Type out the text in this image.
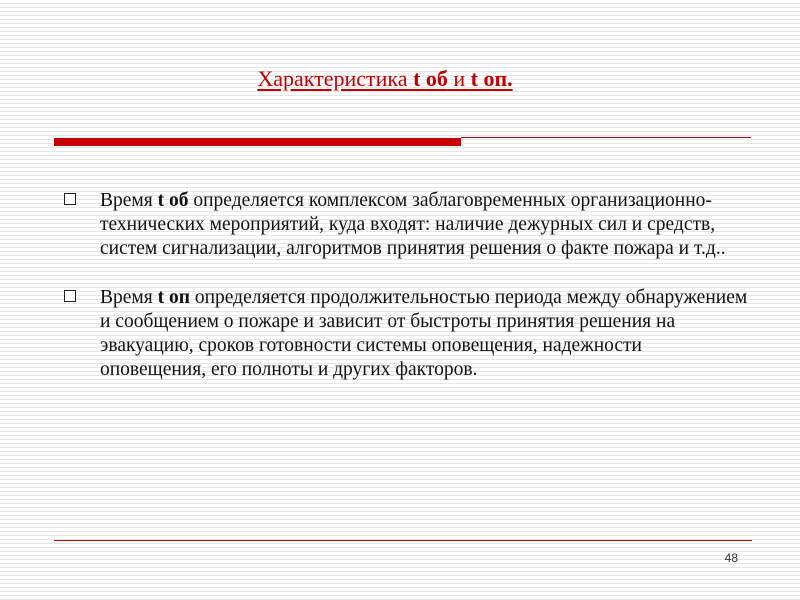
Характеристика t об и t оп.
Время t об определяется комплексом заблаговременных организационно-технических мероприятий, куда входят: наличие дежурных сил и средств, систем сигнализации, алгоритмов принятия решения о факте пожара и т.д..
Время t оп определяется продолжительностью периода между обнаружением и сообщением о пожаре и зависит от быстроты принятия решения на эвакуацию, сроков готовности системы оповещения, надежности оповещения, его полноты и других факторов.
48
